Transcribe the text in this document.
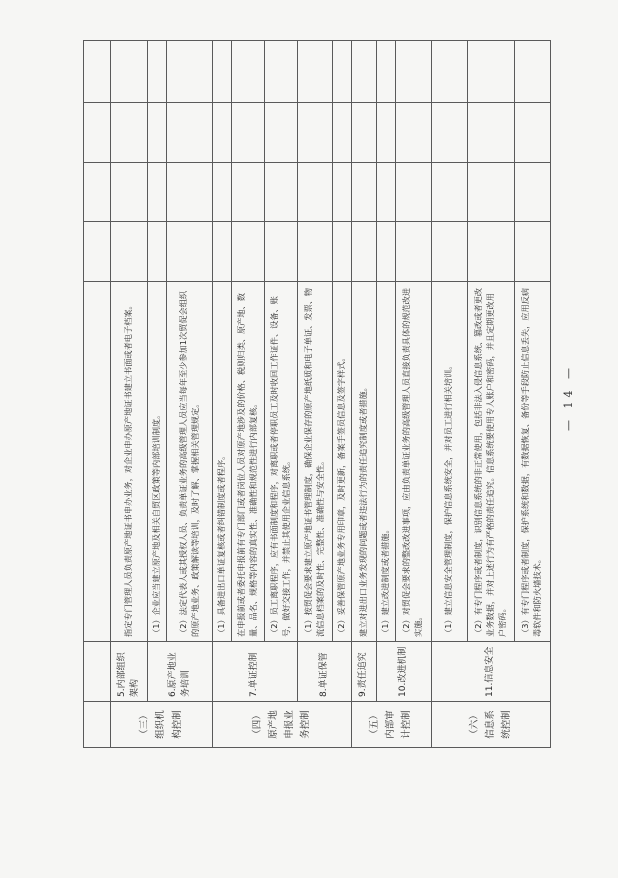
（三）组织机构控制	5.内部组织架构	指定专门管理人员负责原产地证书申办业务，对企业申办原产地证书建立书面或者电子档案。				
	6.原产地业务培训	（1）企业应当建立原产地及相关自贸区政策等内部培训制度。				
		（2）法定代表人或其授权人员、负责单证业务的高级管理人员应当每年至少参加1次贸促会组织的原产地业务、政策解读等培训，及时了解、掌握相关管理规定。				
（四）原产地申报业务控制	7.单证控制	（1）具备进出口单证复核或者纠错制度或者程序。				
		在申报前或者委托申报前有专门部门或者岗位人员对原产地涉及的价格、税则归类、原产地、数量、品名、规格等内容的真实性、准确性和规范性进行内部复核。				
		（2）员工离职程序，应有书面制度和程序，对离职或者停职员工及时收回工作证件、设备、账号，做好交接工作，并禁止其使用企业信息系统。				
	8.单证保管	（1）按贸促会要求建立原产地证书管理制度，确保企业保存的原产地纸质和电子单证、发票、物流信息档案的及时性、完整性、准确性与安全性。				
		（2）妥善保管原产地业务专用印章，及时更新，备案手签员信息及签字样式。				
（五）内部审计控制	9.责任追究	建立对进出口业务发现的问题或者违法行为的责任追究制度或者措施。				
	10.改进机制	（1）建立改进制度或者措施。				
		（2）对贸促会要求的整改改进事项，应由负责单证业务的高级管理人员直接负责具体的规范改进实施。				
（六）信息系统控制	11.信息安全	（1）建立信息安全管理制度，保护信息系统安全，并对员工进行相关培训。				
		（2）有专门程序或者制度，识别信息系统的非正常使用，包括非法入侵信息系统、篡改或者更改业务数据，并对上述行为有严格的责任追究。信息系统要使用专人账户和密码，并且定期更改用户密码。				
		（3）有专门程序或者制度，保护系统和数据，有数据恢复、备份等手段防止信息丢失，应用反病毒软件和防火墙技术。				
— 14 —
